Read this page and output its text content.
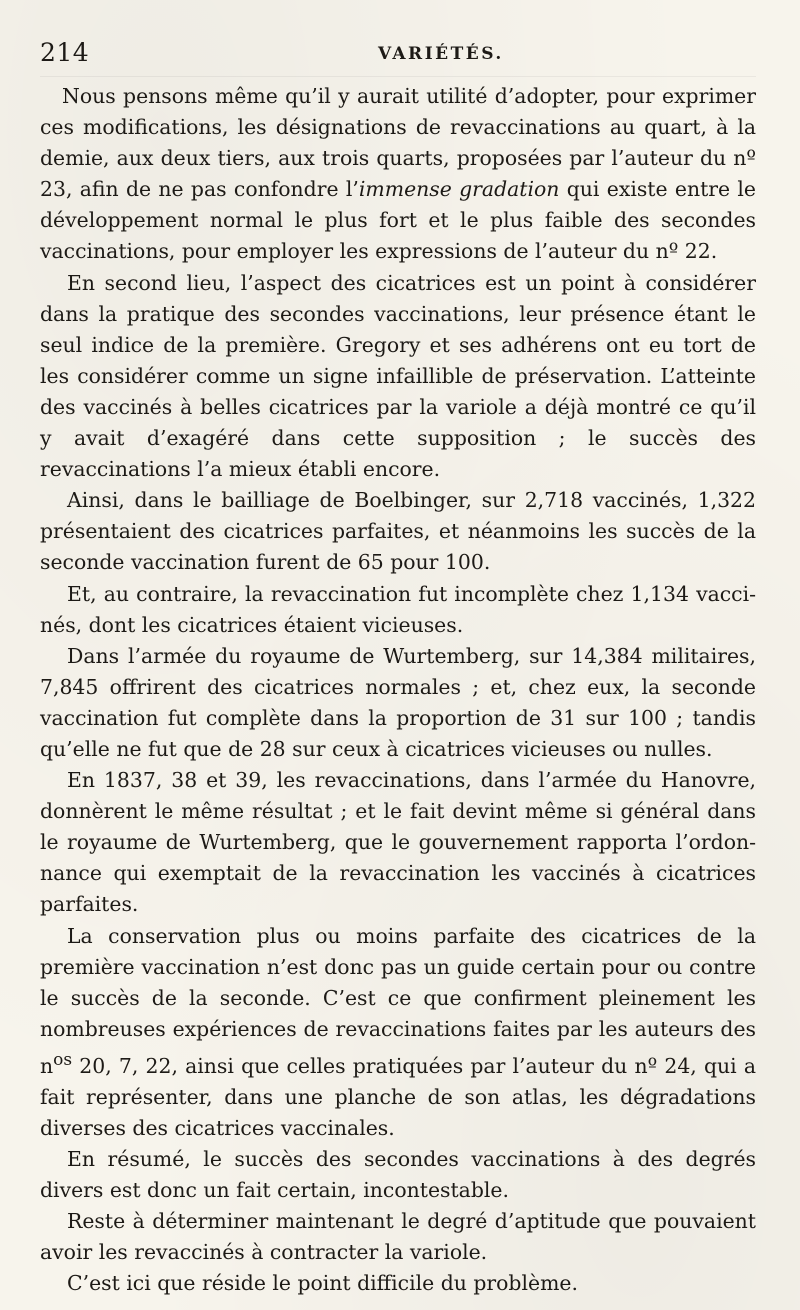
214	VARIÉTÉS.

Nous pensons même qu’il y aurait utilité d’adopter, pour exprimer ces modifications, les désignations de revaccinations au quart, à la demie, aux deux tiers, aux trois quarts, proposées par l’auteur du nº 23, afin de ne pas confondre l’immense gradation qui existe entre le développement normal le plus fort et le plus faible des secondes vaccinations, pour employer les expressions de l’auteur du nº 22.

En second lieu, l’aspect des cicatrices est un point à considérer dans la pratique des secondes vaccinations, leur présence étant le seul indice de la première. Gregory et ses adhérens ont eu tort de les considérer comme un signe infaillible de préservation. L’atteinte des vaccinés à belles cicatrices par la variole a déjà montré ce qu’il y avait d’exagéré dans cette supposition ; le succès des revaccinations l’a mieux établi encore.

Ainsi, dans le bailliage de Boelbinger, sur 2,718 vaccinés, 1,322 présentaient des cicatrices parfaites, et néanmoins les succès de la seconde vaccination furent de 65 pour 100.

Et, au contraire, la revaccination fut incomplète chez 1,134 vaccinés, dont les cicatrices étaient vicieuses.

Dans l’armée du royaume de Wurtemberg, sur 14,384 militaires, 7,845 offrirent des cicatrices normales ; et, chez eux, la seconde vaccination fut complète dans la proportion de 31 sur 100 ; tandis qu’elle ne fut que de 28 sur ceux à cicatrices vicieuses ou nulles.

En 1837, 38 et 39, les revaccinations, dans l’armée du Hanovre, donnèrent le même résultat ; et le fait devint même si général dans le royaume de Wurtemberg, que le gouvernement rapporta l’ordonnance qui exemptait de la revaccination les vaccinés à cicatrices parfaites.

La conservation plus ou moins parfaite des cicatrices de la première vaccination n’est donc pas un guide certain pour ou contre le succès de la seconde. C’est ce que confirment pleinement les nombreuses expériences de revaccinations faites par les auteurs des $n^{os}$ 20, 7, 22, ainsi que celles pratiquées par l’auteur du nº 24, qui a fait représenter, dans une planche de son atlas, les dégradations diverses des cicatrices vaccinales.

En résumé, le succès des secondes vaccinations à des degrés divers est donc un fait certain, incontestable.

Reste à déterminer maintenant le degré d’aptitude que pouvaient avoir les revaccinés à contracter la variole.

C’est ici que réside le point difficile du problème.
